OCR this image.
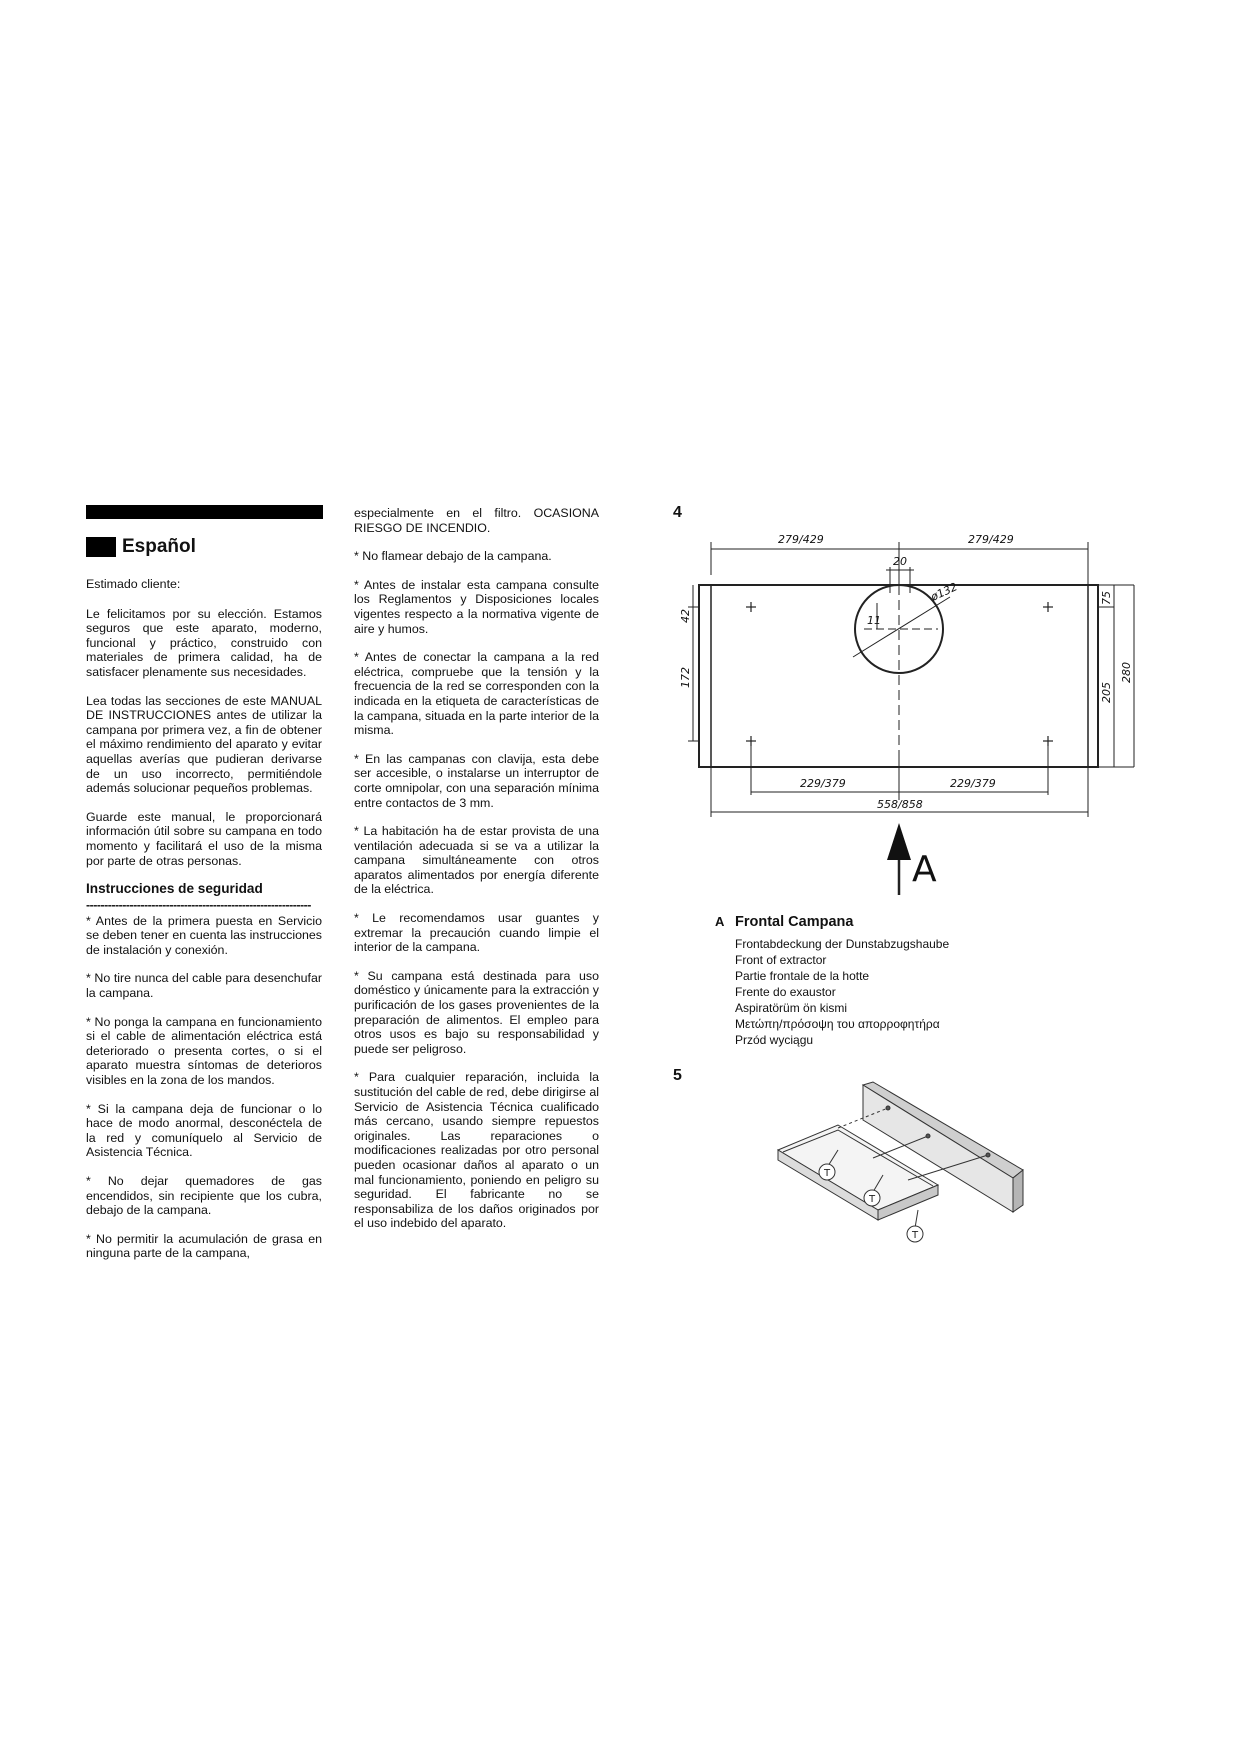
Español

Estimado cliente:

Le felicitamos por su elección. Estamos seguros que este aparato, moderno, funcional y práctico, construido con materiales de primera calidad, ha de satisfacer plenamente sus necesidades.

Lea todas las secciones de este MANUAL DE INSTRUCCIONES antes de utilizar la campana por primera vez, a fin de obtener el máximo rendimiento del aparato y evitar aquellas averías que pudieran derivarse de un uso incorrecto, permitiéndole además solucionar pequeños problemas.

Guarde este manual, le proporcionará información útil sobre su campana en todo momento y facilitará el uso de la misma por parte de otras personas.

Instrucciones de seguridad
--------------------------------------------------------------

* Antes de la primera puesta en Servicio se deben tener en cuenta las instrucciones de instalación y conexión.

* No tire nunca del cable para desenchufar la campana.

* No ponga la campana en funcionamiento si el cable de alimentación eléctrica está deteriorado o presenta cortes, o si el aparato muestra síntomas de deterioros visibles en la zona de los mandos.

* Si la campana deja de funcionar o lo hace de modo anormal, desconéctela de la red y comuníquelo al Servicio de Asistencia Técnica.

* No dejar quemadores de gas encendidos, sin recipiente que los cubra, debajo de la campana.

* No permitir la acumulación de grasa en ninguna parte de la campana,

especialmente en el filtro. OCASIONA RIESGO DE INCENDIO.

* No flamear debajo de la campana.

* Antes de instalar esta campana consulte los Reglamentos y Disposiciones locales vigentes respecto a la normativa vigente de aire y humos.

* Antes de conectar la campana a la red eléctrica, compruebe que la tensión y la frecuencia de la red se corresponden con la indicada en la etiqueta de características de la campana, situada en la parte interior de la misma.

* En las campanas con clavija, esta debe ser accesible, o instalarse un interruptor de corte omnipolar, con una separación mínima entre contactos de 3 mm.

* La habitación ha de estar provista de una ventilación adecuada si se va a utilizar la campana simultáneamente con otros aparatos alimentados por energía diferente de la eléctrica.

* Le recomendamos usar guantes y extremar la precaución cuando limpie el interior de la campana.

* Su campana está destinada para uso doméstico y únicamente para la extracción y purificación de los gases provenientes de la preparación de alimentos. El empleo para otros usos es bajo su responsabilidad y puede ser peligroso.

* Para cualquier reparación, incluida la sustitución del cable de red, debe dirigirse al Servicio de Asistencia Técnica cualificado más cercano, usando siempre repuestos originales. Las reparaciones o modificaciones realizadas por otro personal pueden ocasionar daños al aparato o un mal funcionamiento, poniendo en peligro su seguridad. El fabricante no se responsabiliza de los daños originados por el uso indebido del aparato.

4
279/429	279/429
20
ø132
11
42
172
75
205
280
229/379	229/379
558/858
A
A Frontal Campana
Frontabdeckung der Dunstabzugshaube
Front of extractor
Partie frontale de la hotte
Frente do exaustor
Aspiratörüm ön kismi
Μετώπη/πρόσοψη του απορροφητήρα
Przód wyciągu
5
T
T
T
